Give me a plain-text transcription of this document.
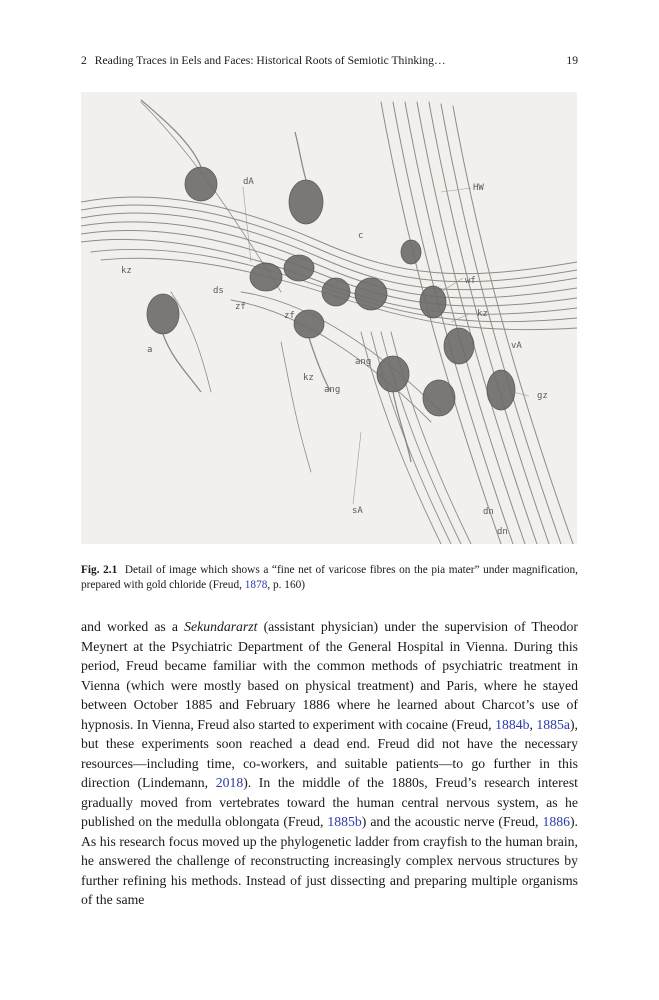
2 Reading Traces in Eels and Faces: Historical Roots of Semiotic Thinking…	19
dA
HW
c
kz
ds
zf
zf
wf
kz
a	vA
ang
kz
ang
gz
sA	dn
dn
Fig. 2.1 Detail of image which shows a “fine net of varicose fibres on the pia mater” under magnification, prepared with gold chloride (Freud, 1878, p. 160)
and worked as a Sekundararzt (assistant physician) under the supervision of Theodor Meynert at the Psychiatric Department of the General Hospital in Vienna. During this period, Freud became familiar with the common methods of psychiatric treatment in Vienna (which were mostly based on physical treatment) and Paris, where he stayed between October 1885 and February 1886 where he learned about Charcot’s use of hypnosis. In Vienna, Freud also started to experiment with cocaine (Freud, 1884b, 1885a), but these experiments soon reached a dead end. Freud did not have the necessary resources—including time, co-workers, and suitable patients—to go further in this direction (Lindemann, 2018). In the middle of the 1880s, Freud’s research interest gradually moved from vertebrates toward the human central nervous system, as he published on the medulla oblongata (Freud, 1885b) and the acoustic nerve (Freud, 1886). As his research focus moved up the phylogenetic ladder from crayfish to the human brain, he answered the challenge of reconstructing increasingly complex nervous structures by further refining his methods. Instead of just dissecting and preparing multiple organisms of the same
